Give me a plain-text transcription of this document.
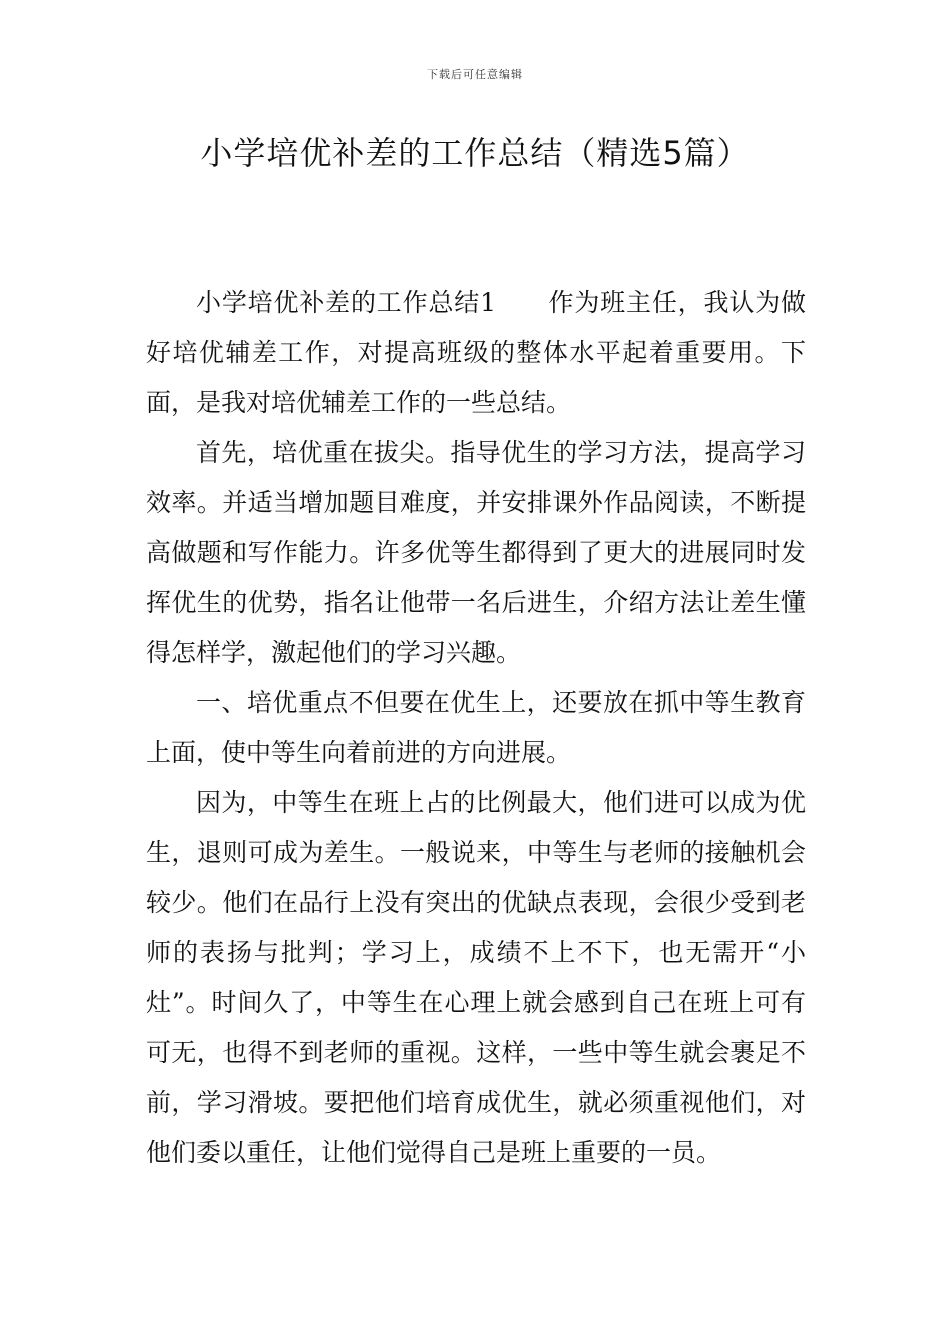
下载后可任意编辑
小学培优补差的工作总结（精选5篇）

小学培优补差的工作总结1　　作为班主任，我认为做好培优辅差工作，对提高班级的整体水平起着重要用。下面，是我对培优辅差工作的一些总结。

首先，培优重在拔尖。指导优生的学习方法，提高学习效率。并适当增加题目难度，并安排课外作品阅读，不断提高做题和写作能力。许多优等生都得到了更大的进展同时发挥优生的优势，指名让他带一名后进生，介绍方法让差生懂得怎样学，激起他们的学习兴趣。

一、培优重点不但要在优生上，还要放在抓中等生教育上面，使中等生向着前进的方向进展。

因为，中等生在班上占的比例最大，他们进可以成为优生，退则可成为差生。一般说来，中等生与老师的接触机会较少。他们在品行上没有突出的优缺点表现，会很少受到老师的表扬与批判；学习上，成绩不上不下，也无需开“小灶”。时间久了，中等生在心理上就会感到自己在班上可有可无，也得不到老师的重视。这样，一些中等生就会裹足不前，学习滑坡。要把他们培育成优生，就必须重视他们，对他们委以重任，让他们觉得自己是班上重要的一员。
